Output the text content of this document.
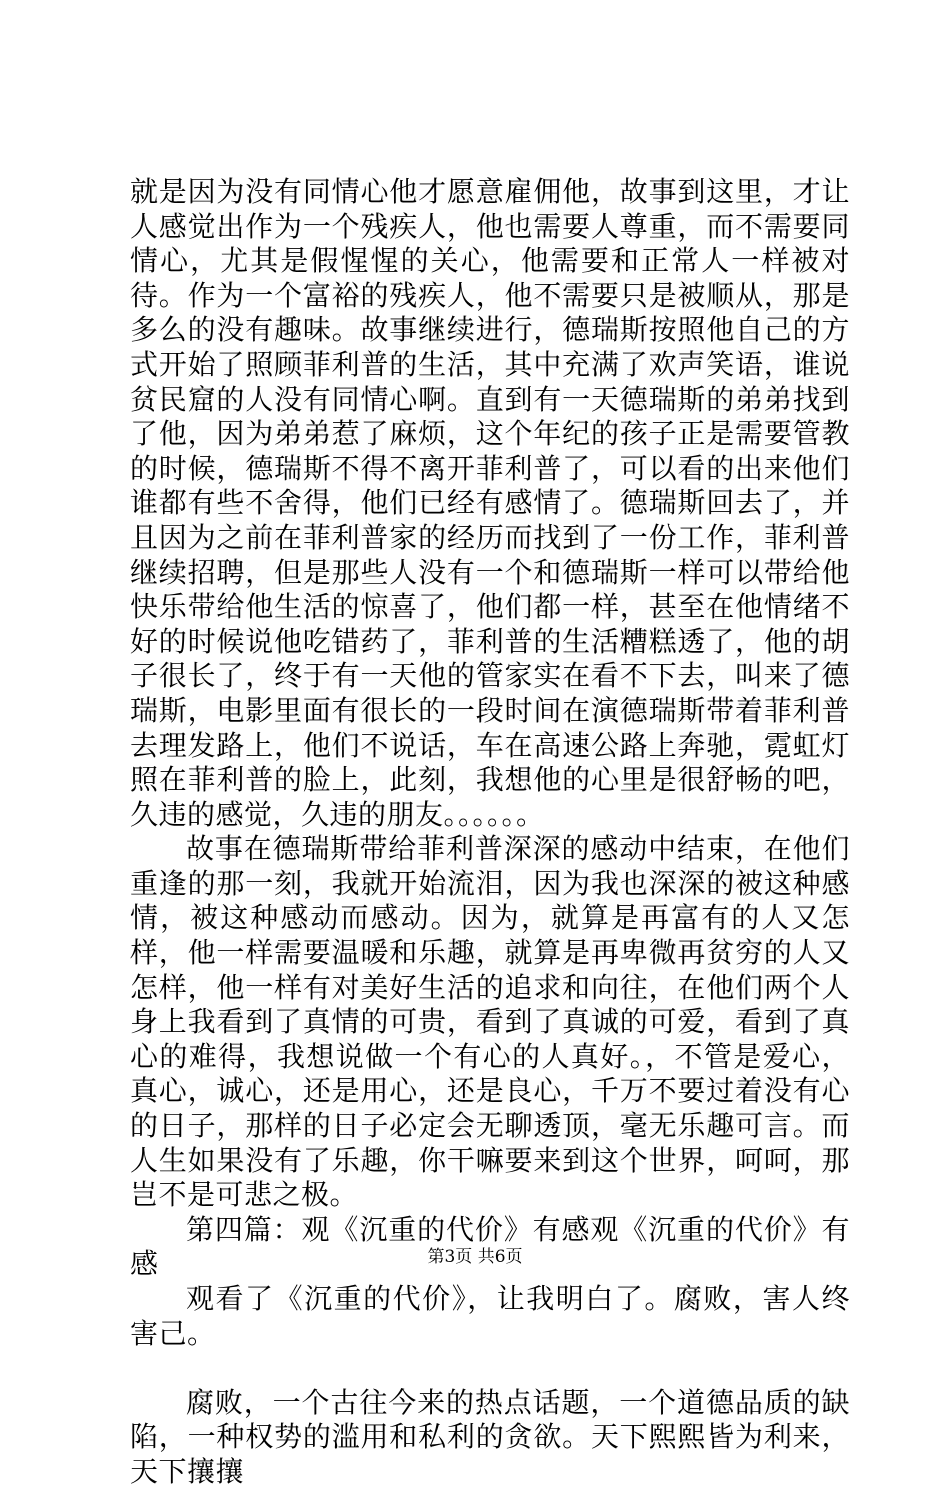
就是因为没有同情心他才愿意雇佣他，故事到这里，才让人感觉出作为一个残疾人，他也需要人尊重，而不需要同情心，尤其是假惺惺的关心，他需要和正常人一样被对待。作为一个富裕的残疾人，他不需要只是被顺从，那是多么的没有趣味。故事继续进行，德瑞斯按照他自己的方式开始了照顾菲利普的生活，其中充满了欢声笑语，谁说贫民窟的人没有同情心啊。直到有一天德瑞斯的弟弟找到了他，因为弟弟惹了麻烦，这个年纪的孩子正是需要管教的时候，德瑞斯不得不离开菲利普了，可以看的出来他们谁都有些不舍得，他们已经有感情了。德瑞斯回去了，并且因为之前在菲利普家的经历而找到了一份工作，菲利普继续招聘，但是那些人没有一个和德瑞斯一样可以带给他快乐带给他生活的惊喜了，他们都一样，甚至在他情绪不好的时候说他吃错药了，菲利普的生活糟糕透了，他的胡子很长了，终于有一天他的管家实在看不下去，叫来了德瑞斯，电影里面有很长的一段时间在演德瑞斯带着菲利普去理发路上，他们不说话，车在高速公路上奔驰，霓虹灯照在菲利普的脸上，此刻，我想他的心里是很舒畅的吧，久违的感觉，久违的朋友。。。。。。

故事在德瑞斯带给菲利普深深的感动中结束，在他们重逢的那一刻，我就开始流泪，因为我也深深的被这种感情，被这种感动而感动。因为，就算是再富有的人又怎样，他一样需要温暖和乐趣，就算是再卑微再贫穷的人又怎样，他一样有对美好生活的追求和向往，在他们两个人身上我看到了真情的可贵，看到了真诚的可爱，看到了真心的难得，我想说做一个有心的人真好。，不管是爱心，真心，诚心，还是用心，还是良心，千万不要过着没有心的日子，那样的日子必定会无聊透顶，毫无乐趣可言。而人生如果没有了乐趣，你干嘛要来到这个世界，呵呵，那岂不是可悲之极。

第四篇：观《沉重的代价》有感观《沉重的代价》有感

观看了《沉重的代价》，让我明白了。腐败，害人终害己。

腐败，一个古往今来的热点话题，一个道德品质的缺陷，一种权势的滥用和私利的贪欲。天下熙熙皆为利来，天下攘攘

第3页 共6页
